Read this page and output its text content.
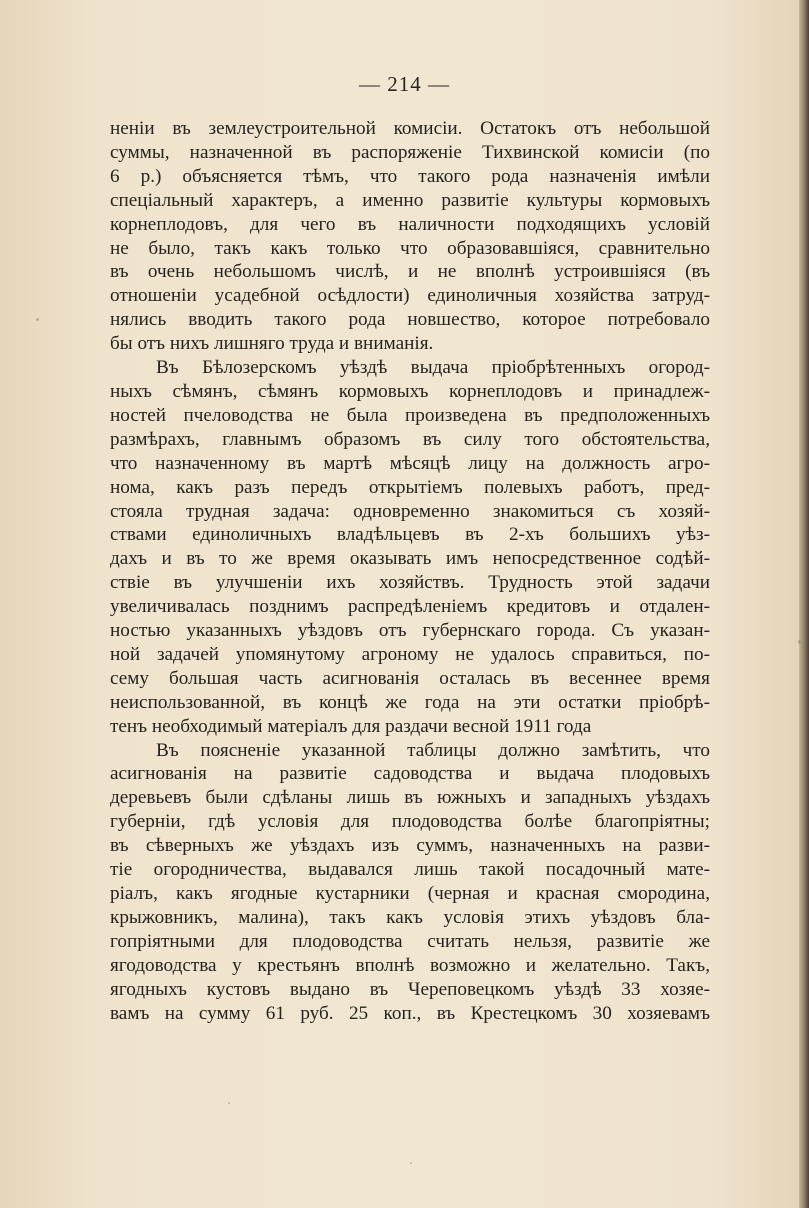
— 214 —
неніи въ землеустроительной комисіи. Остатокъ отъ небольшой
суммы, назначенной въ распоряженіе Тихвинской комисіи (по
6 р.) объясняется тѣмъ, что такого рода назначенія имѣли
спеціальный характеръ, а именно развитіе культуры кормовыхъ
корнеплодовъ, для чего въ наличности подходящихъ условій
не было, такъ какъ только что образовавшіяся, сравнительно
въ очень небольшомъ числѣ, и не вполнѣ устроившіяся (въ
отношеніи усадебной осѣдлости) единоличныя хозяйства затруд-
нялись вводить такого рода новшество, которое потребовало
бы отъ нихъ лишняго труда и вниманія.
Въ Бѣлозерскомъ уѣздѣ выдача пріобрѣтенныхъ огород-
ныхъ сѣмянъ, сѣмянъ кормовыхъ корнеплодовъ и принадлеж-
ностей пчеловодства не была произведена въ предположенныхъ
размѣрахъ, главнымъ образомъ въ силу того обстоятельства,
что назначенному въ мартѣ мѣсяцѣ лицу на должность агро-
нома, какъ разъ передъ открытіемъ полевыхъ работъ, пред-
стояла трудная задача: одновременно знакомиться съ хозяй-
ствами единоличныхъ владѣльцевъ въ 2-хъ большихъ уѣз-
дахъ и въ то же время оказывать имъ непосредственное содѣй-
ствіе въ улучшеніи ихъ хозяйствъ. Трудность этой задачи
увеличивалась позднимъ распредѣленіемъ кредитовъ и отдален-
ностью указанныхъ уѣздовъ отъ губернскаго города. Съ указан-
ной задачей упомянутому агроному не удалось справиться, по-
сему большая часть асигнованія осталась въ весеннее время
неиспользованной, въ концѣ же года на эти остатки пріобрѣ-
тенъ необходимый матеріалъ для раздачи весной 1911 года
Въ поясненіе указанной таблицы должно замѣтить, что
асигнованія на развитіе садоводства и выдача плодовыхъ
деревьевъ были сдѣланы лишь въ южныхъ и западныхъ уѣздахъ
губерніи, гдѣ условія для плодоводства болѣе благопріятны;
въ сѣверныхъ же уѣздахъ изъ суммъ, назначенныхъ на разви-
тіе огородничества, выдавался лишь такой посадочный мате-
ріалъ, какъ ягодные кустарники (черная и красная смородина,
крыжовникъ, малина), такъ какъ условія этихъ уѣздовъ бла-
гопріятными для плодоводства считать нельзя, развитіе же
ягодоводства у крестьянъ вполнѣ возможно и желательно. Такъ,
ягодныхъ кустовъ выдано въ Череповецкомъ уѣздѣ 33 хозяе-
вамъ на сумму 61 руб. 25 коп., въ Крестецкомъ 30 хозяевамъ
